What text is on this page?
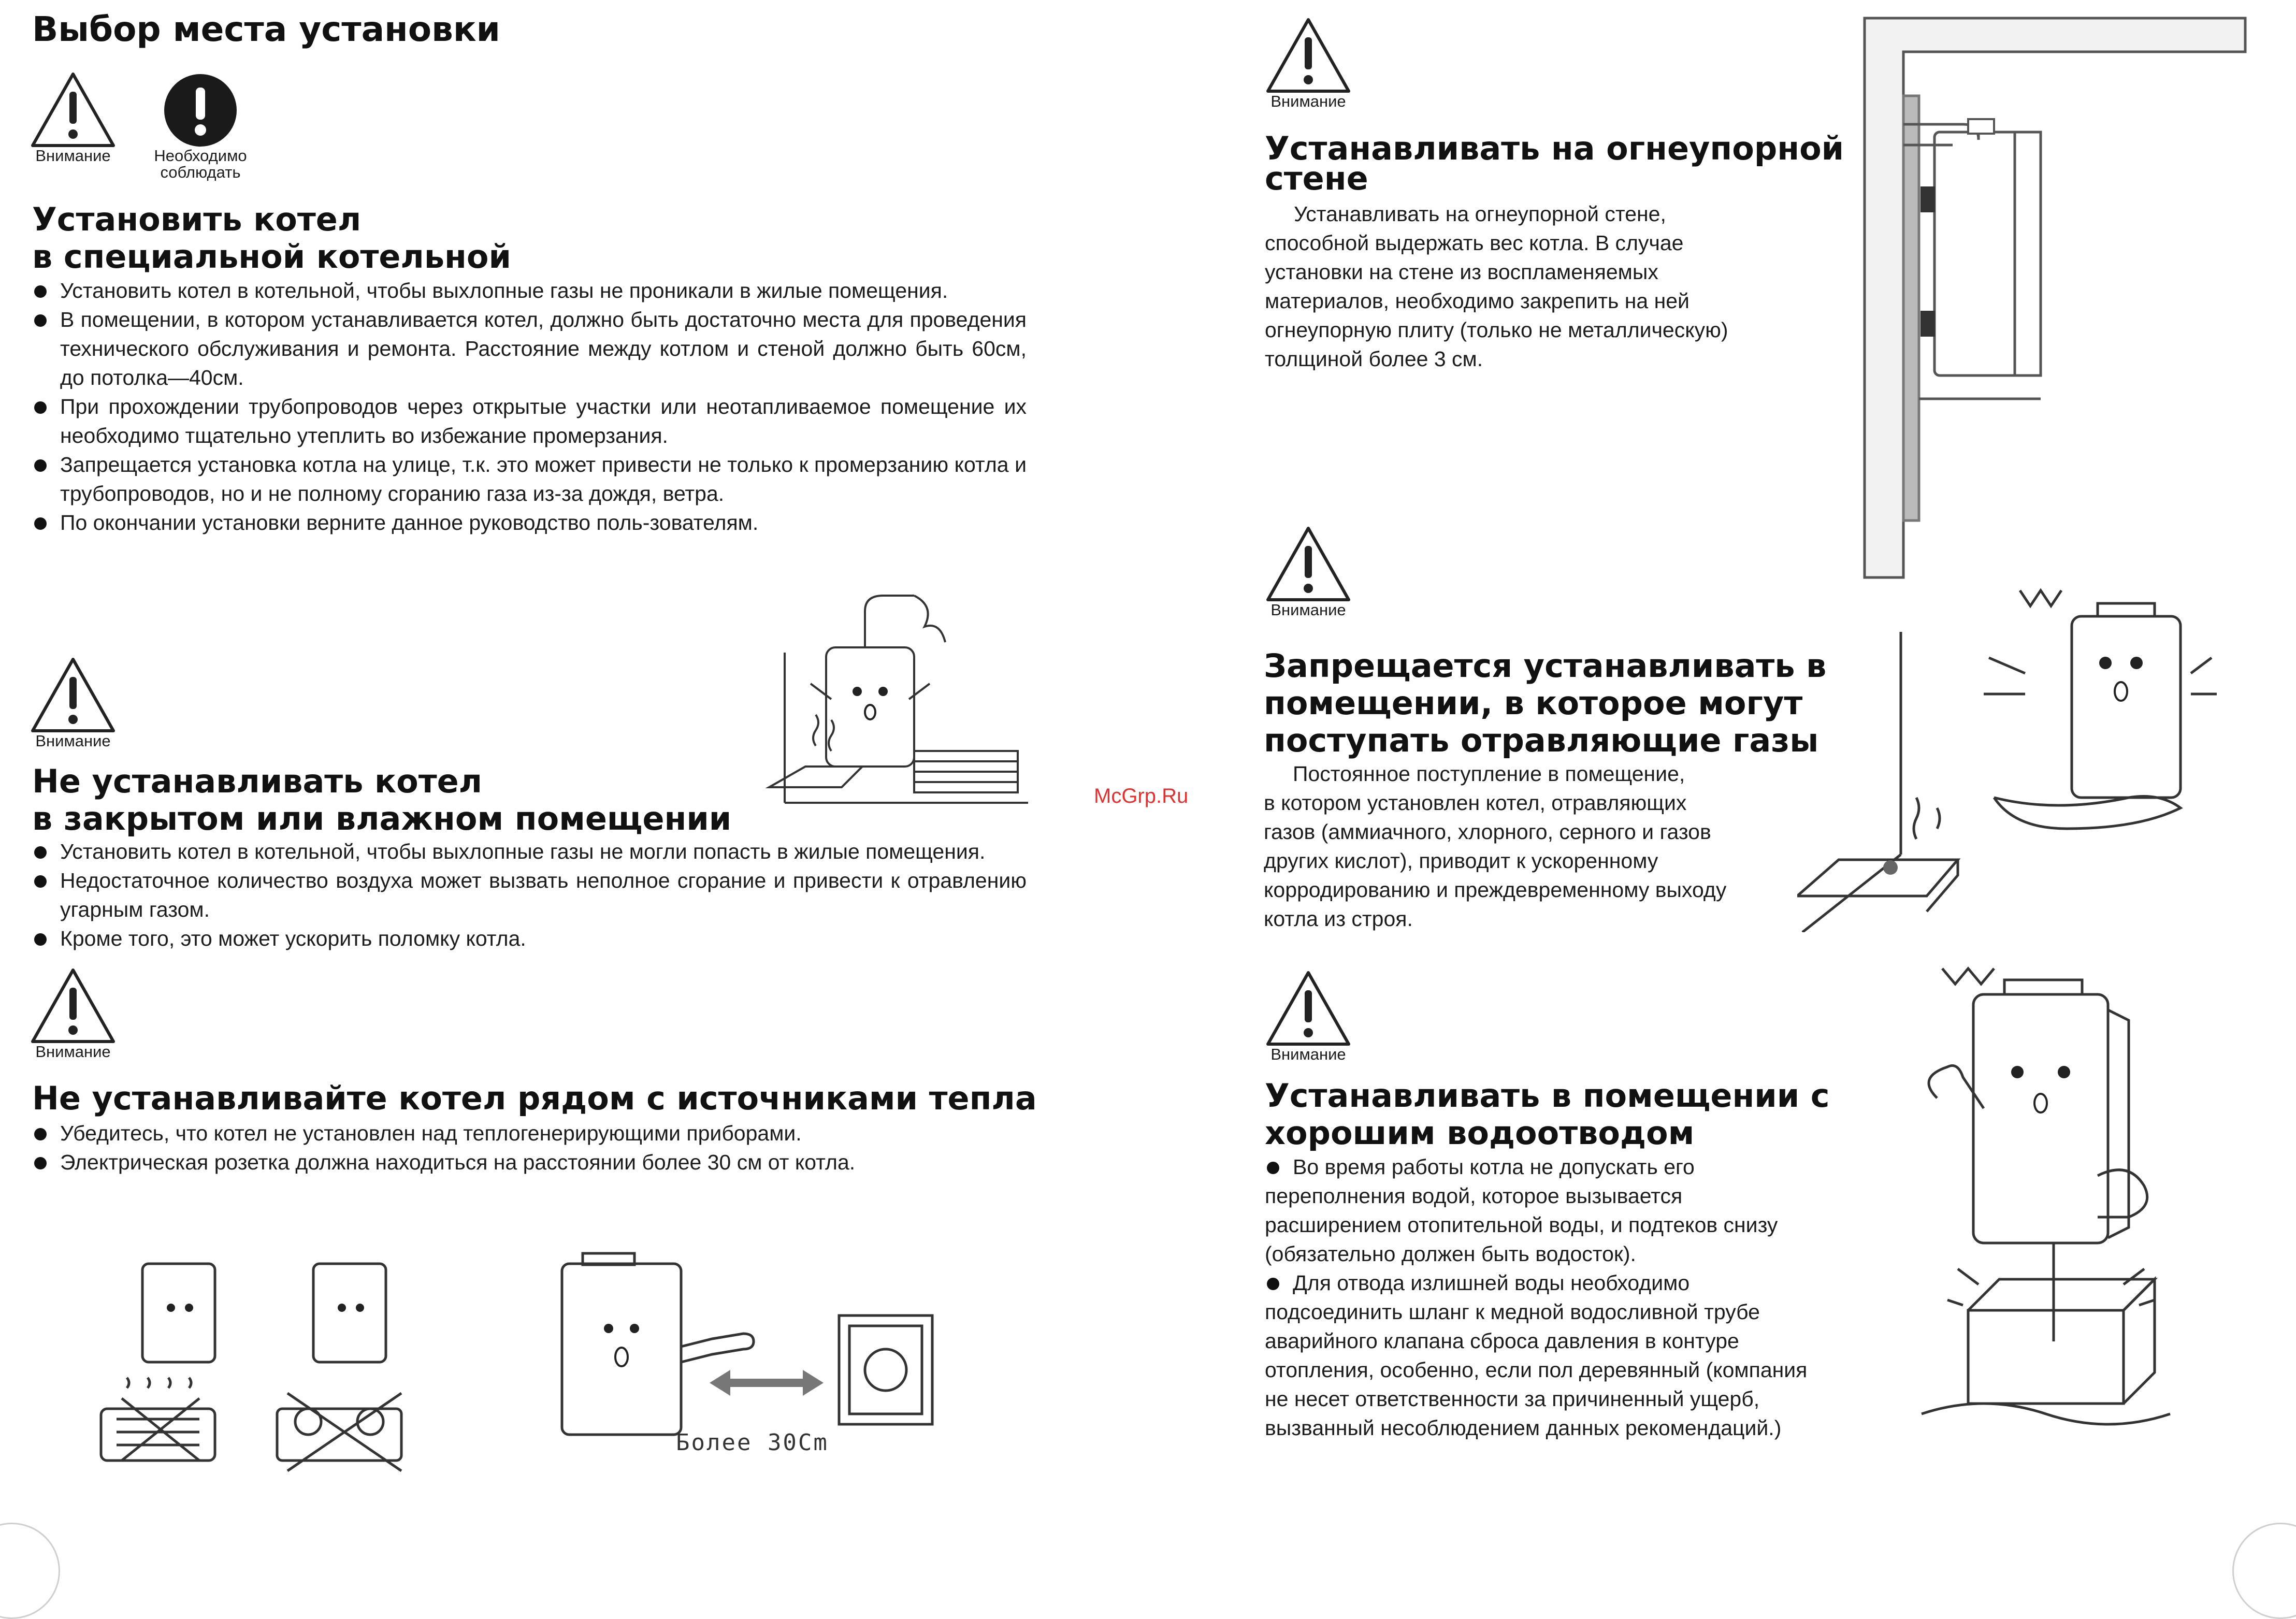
Выбор места установки
Внимание	Необходимо
соблюдать
Установить котел
в специальной котельной

Установить котел в котельной, чтобы выхлопные газы не проникали в жилые помещения.

В помещении, в котором устанавливается котел, должно быть достаточно места для проведения технического обслуживания и ремонта. Расстояние между котлом и стеной должно быть 60см, до потолка—40см.

При прохождении трубопроводов через открытые участки или неотапливаемое помещение их необходимо тщательно утеплить во избежание промерзания.

Запрещается установка котла на улице, т.к. это может привести не только к промерзанию котла и трубопроводов, но и не полному сгоранию газа из-за дождя, ветра.

По окончании установки верните данное руководство поль-зователям.

Внимание
Не устанавливать котел
в закрытом или влажном помещении

Установить котел в котельной, чтобы выхлопные газы не могли попасть в жилые помещения.

Недостаточное количество воздуха может вызвать неполное сгорание и привести к отравлению угарным газом.

Кроме того, это может ускорить поломку котла.

Внимание
Не устанавливайте котел рядом с источниками тепла

Убедитесь, что котел не установлен над теплогенерирующими приборами.

Электрическая розетка должна находиться на расстоянии более 30 см от котла.

Более 30Cm
McGrp.Ru
Внимание
Устанавливать на огнеупорной
стене
Устанавливать на огнеупорной стене,
способной выдержать вес котла. В случае
установки на стене из воспламеняемых
материалов, необходимо закрепить на ней
огнеупорную плиту (только не металлическую)
толщиной более 3 см.
Внимание
Запрещается устанавливать в
помещении, в которое могут
поступать отравляющие газы
Постоянное поступление в помещение,
в котором установлен котел, отравляющих
газов (аммиачного, хлорного, серного и газов
других кислот), приводит к ускоренному
корродированию и преждевременному выходу
котла из строя.
Внимание
Устанавливать в помещении с
хорошим водоотводом
Во время работы котла не допускать его
переполнения водой, которое вызывается
расширением отопительной воды, и подтеков снизу
(обязательно должен быть водосток).
Для отвода излишней воды необходимо
подсоединить шланг к медной водосливной трубе
аварийного клапана сброса давления в контуре
отопления, особенно, если пол деревянный (компания
не несет ответственности за причиненный ущерб,
вызванный несоблюдением данных рекомендаций.)
